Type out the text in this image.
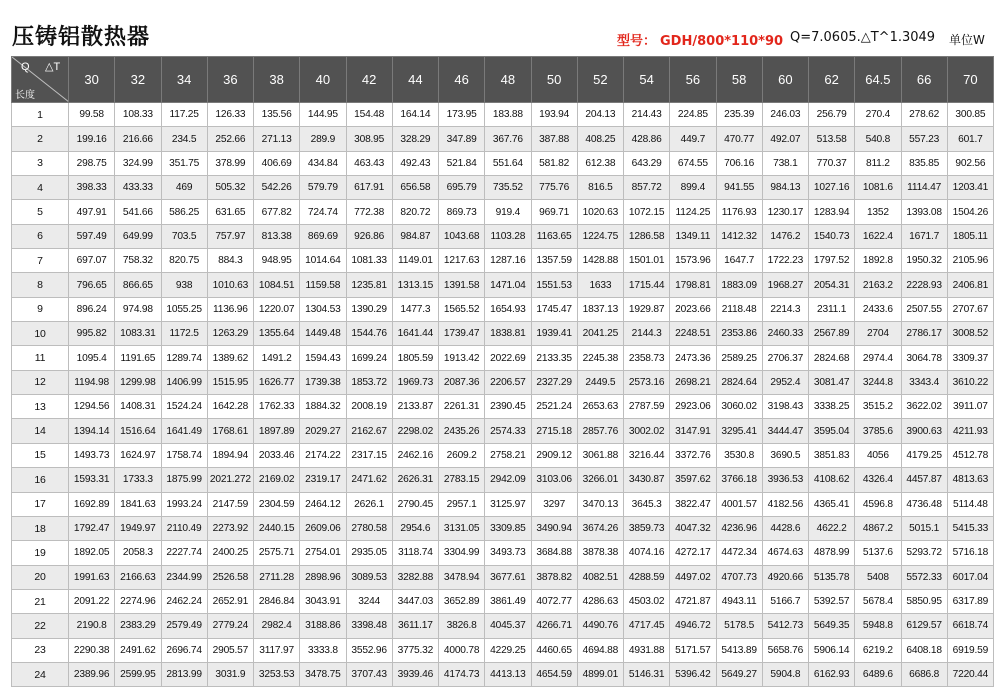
压铸铝散热器	型号： GDH/800*110*90 Q=7.0605.△T^1.3049 单位W
Q △T
长度	30	32	34	36	38	40	42	44	46	48	50	52	54	56	58	60	62	64.5	66	70
1	99.58	108.33	117.25	126.33	135.56	144.95	154.48	164.14	173.95	183.88	193.94	204.13	214.43	224.85	235.39	246.03	256.79	270.4	278.62	300.85
2	199.16	216.66	234.5	252.66	271.13	289.9	308.95	328.29	347.89	367.76	387.88	408.25	428.86	449.7	470.77	492.07	513.58	540.8	557.23	601.7
3	298.75	324.99	351.75	378.99	406.69	434.84	463.43	492.43	521.84	551.64	581.82	612.38	643.29	674.55	706.16	738.1	770.37	811.2	835.85	902.56
4	398.33	433.33	469	505.32	542.26	579.79	617.91	656.58	695.79	735.52	775.76	816.5	857.72	899.4	941.55	984.13	1027.16	1081.6	1114.47	1203.41
5	497.91	541.66	586.25	631.65	677.82	724.74	772.38	820.72	869.73	919.4	969.71	1020.63	1072.15	1124.25	1176.93	1230.17	1283.94	1352	1393.08	1504.26
6	597.49	649.99	703.5	757.97	813.38	869.69	926.86	984.87	1043.68	1103.28	1163.65	1224.75	1286.58	1349.11	1412.32	1476.2	1540.73	1622.4	1671.7	1805.11
7	697.07	758.32	820.75	884.3	948.95	1014.64	1081.33	1149.01	1217.63	1287.16	1357.59	1428.88	1501.01	1573.96	1647.7	1722.23	1797.52	1892.8	1950.32	2105.96
8	796.65	866.65	938	1010.63	1084.51	1159.58	1235.81	1313.15	1391.58	1471.04	1551.53	1633	1715.44	1798.81	1883.09	1968.27	2054.31	2163.2	2228.93	2406.81
9	896.24	974.98	1055.25	1136.96	1220.07	1304.53	1390.29	1477.3	1565.52	1654.93	1745.47	1837.13	1929.87	2023.66	2118.48	2214.3	2311.1	2433.6	2507.55	2707.67
10	995.82	1083.31	1172.5	1263.29	1355.64	1449.48	1544.76	1641.44	1739.47	1838.81	1939.41	2041.25	2144.3	2248.51	2353.86	2460.33	2567.89	2704	2786.17	3008.52
11	1095.4	1191.65	1289.74	1389.62	1491.2	1594.43	1699.24	1805.59	1913.42	2022.69	2133.35	2245.38	2358.73	2473.36	2589.25	2706.37	2824.68	2974.4	3064.78	3309.37
12	1194.98	1299.98	1406.99	1515.95	1626.77	1739.38	1853.72	1969.73	2087.36	2206.57	2327.29	2449.5	2573.16	2698.21	2824.64	2952.4	3081.47	3244.8	3343.4	3610.22
13	1294.56	1408.31	1524.24	1642.28	1762.33	1884.32	2008.19	2133.87	2261.31	2390.45	2521.24	2653.63	2787.59	2923.06	3060.02	3198.43	3338.25	3515.2	3622.02	3911.07
14	1394.14	1516.64	1641.49	1768.61	1897.89	2029.27	2162.67	2298.02	2435.26	2574.33	2715.18	2857.76	3002.02	3147.91	3295.41	3444.47	3595.04	3785.6	3900.63	4211.93
15	1493.73	1624.97	1758.74	1894.94	2033.46	2174.22	2317.15	2462.16	2609.2	2758.21	2909.12	3061.88	3216.44	3372.76	3530.8	3690.5	3851.83	4056	4179.25	4512.78
16	1593.31	1733.3	1875.99	2021.272	2169.02	2319.17	2471.62	2626.31	2783.15	2942.09	3103.06	3266.01	3430.87	3597.62	3766.18	3936.53	4108.62	4326.4	4457.87	4813.63
17	1692.89	1841.63	1993.24	2147.59	2304.59	2464.12	2626.1	2790.45	2957.1	3125.97	3297	3470.13	3645.3	3822.47	4001.57	4182.56	4365.41	4596.8	4736.48	5114.48
18	1792.47	1949.97	2110.49	2273.92	2440.15	2609.06	2780.58	2954.6	3131.05	3309.85	3490.94	3674.26	3859.73	4047.32	4236.96	4428.6	4622.2	4867.2	5015.1	5415.33
19	1892.05	2058.3	2227.74	2400.25	2575.71	2754.01	2935.05	3118.74	3304.99	3493.73	3684.88	3878.38	4074.16	4272.17	4472.34	4674.63	4878.99	5137.6	5293.72	5716.18
20	1991.63	2166.63	2344.99	2526.58	2711.28	2898.96	3089.53	3282.88	3478.94	3677.61	3878.82	4082.51	4288.59	4497.02	4707.73	4920.66	5135.78	5408	5572.33	6017.04
21	2091.22	2274.96	2462.24	2652.91	2846.84	3043.91	3244	3447.03	3652.89	3861.49	4072.77	4286.63	4503.02	4721.87	4943.11	5166.7	5392.57	5678.4	5850.95	6317.89
22	2190.8	2383.29	2579.49	2779.24	2982.4	3188.86	3398.48	3611.17	3826.8	4045.37	4266.71	4490.76	4717.45	4946.72	5178.5	5412.73	5649.35	5948.8	6129.57	6618.74
23	2290.38	2491.62	2696.74	2905.57	3117.97	3333.8	3552.96	3775.32	4000.78	4229.25	4460.65	4694.88	4931.88	5171.57	5413.89	5658.76	5906.14	6219.2	6408.18	6919.59
24	2389.96	2599.95	2813.99	3031.9	3253.53	3478.75	3707.43	3939.46	4174.73	4413.13	4654.59	4899.01	5146.31	5396.42	5649.27	5904.8	6162.93	6489.6	6686.8	7220.44
